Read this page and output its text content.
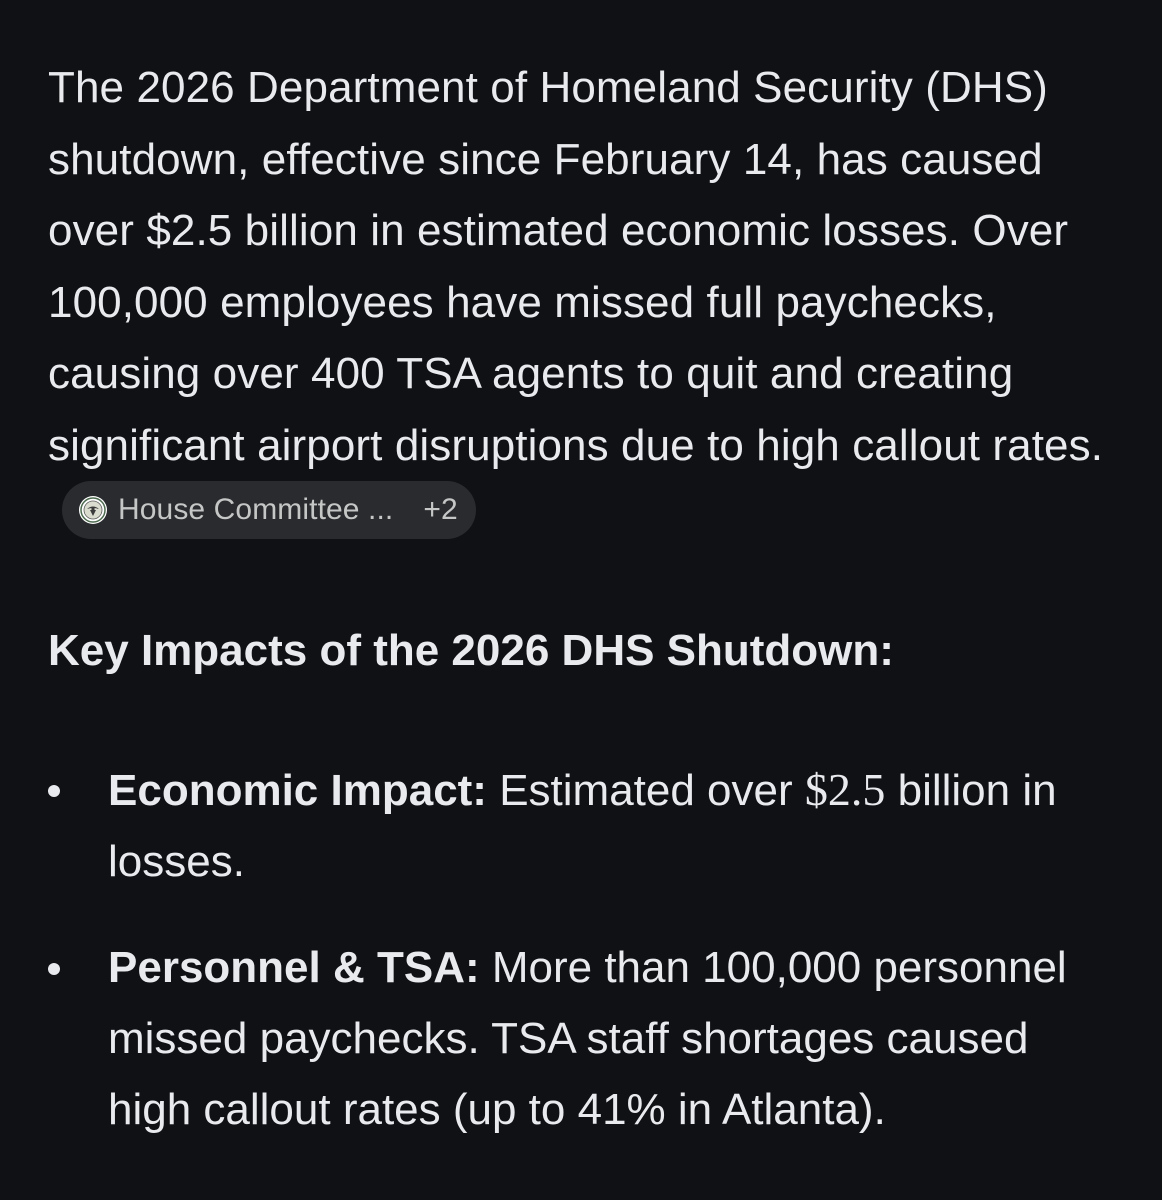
The 2026 Department of Homeland Security (DHS) shutdown, effective since February 14, has caused over $2.5 billion in estimated economic losses. Over 100,000 employees have missed full paychecks, causing over 400 TSA agents to quit and creating significant airport disruptions due to high callout rates.
House Committee ... +2

Key Impacts of the 2026 DHS Shutdown:
Economic Impact: Estimated over $2.5 billion in losses.
Personnel & TSA: More than 100,000 personnel missed paychecks. TSA staff shortages caused high callout rates (up to 41% in Atlanta).
